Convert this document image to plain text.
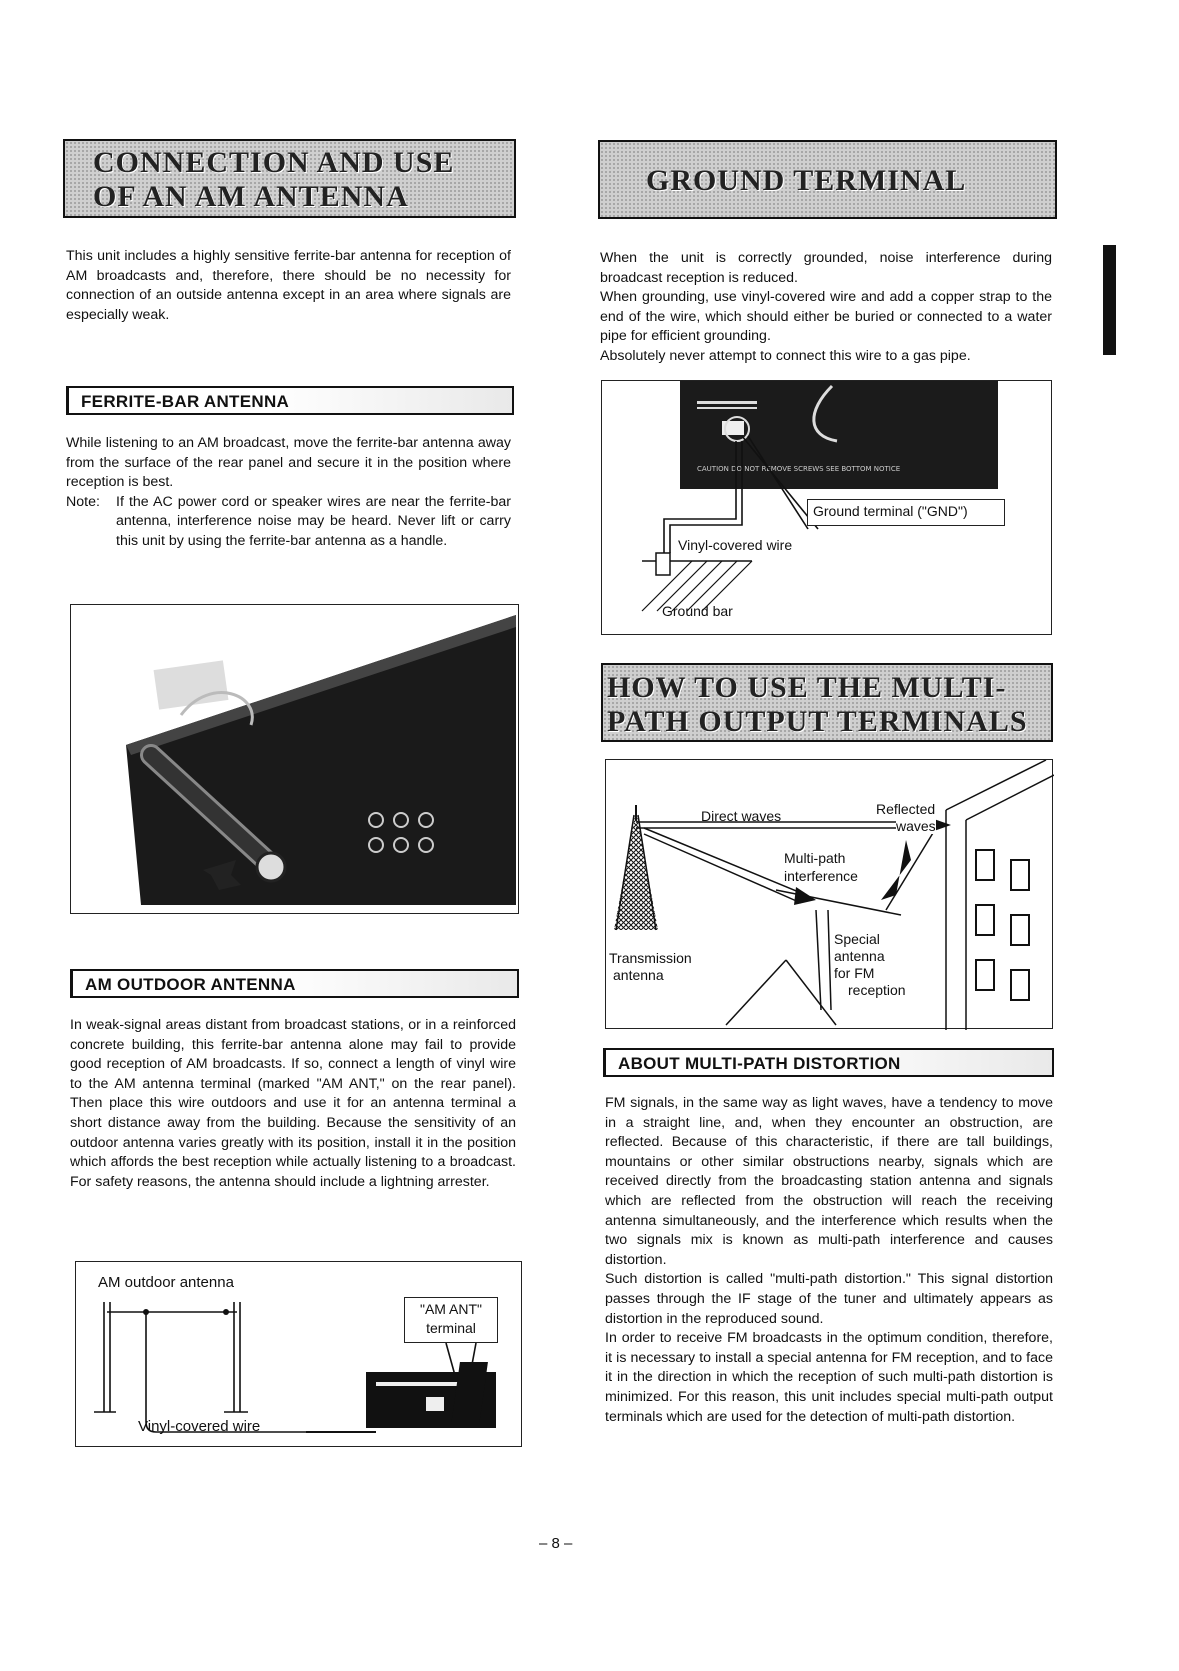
CONNECTION AND USE
OF AN AM ANTENNA
This unit includes a highly sensitive ferrite-bar antenna for reception of AM broadcasts and, therefore, there should be no necessity for connection of an outside antenna except in an area where signals are especially weak.
FERRITE-BAR ANTENNA

While listening to an AM broadcast, move the ferrite-bar antenna away from the surface of the rear panel and secure it in the position where reception is best.

Note:	If the AC power cord or speaker wires are near the ferrite-bar antenna, interference noise may be heard. Never lift or carry this unit by using the ferrite-bar antenna as a handle.
AM OUTDOOR ANTENNA
In weak-signal areas distant from broadcast stations, or in a reinforced concrete building, this ferrite-bar antenna alone may fail to provide good reception of AM broadcasts. If so, connect a length of vinyl wire to the AM antenna terminal (marked "AM ANT," on the rear panel). Then place this wire outdoors and use it for an antenna terminal a short distance away from the building. Because the sensitivity of an outdoor antenna varies greatly with its position, install it in the position which affords the best reception while actually listening to a broadcast. For safety reasons, the antenna should include a lightning arrester.
AM outdoor antenna
"AM ANT"
terminal
Vinyl-covered wire
GROUND TERMINAL

When the unit is correctly grounded, noise interference during broadcast reception is reduced.

When grounding, use vinyl-covered wire and add a copper strap to the end of the wire, which should either be buried or connected to a water pipe for efficient grounding.

Absolutely never attempt to connect this wire to a gas pipe.

CAUTION DO NOT REMOVE SCREWS SEE BOTTOM NOTICE
Ground terminal ("GND")
Vinyl-covered wire
Ground bar
HOW TO USE THE MULTI-
PATH OUTPUT TERMINALS
Direct waves	Reflected
waves
Multi-path
interference
Special
antenna
for FM
reception
Transmission
antenna
ABOUT MULTI-PATH DISTORTION

FM signals, in the same way as light waves, have a tendency to move in a straight line, and, when they encounter an obstruction, are reflected. Because of this characteristic, if there are tall buildings, mountains or other similar obstructions nearby, signals which are received directly from the broadcasting station antenna and signals which are reflected from the obstruction will reach the receiving antenna simultaneously, and the interference which results when the two signals mix is known as multi-path interference and causes distortion.

Such distortion is called "multi-path distortion." This signal distortion passes through the IF stage of the tuner and ultimately appears as distortion in the reproduced sound.

In order to receive FM broadcasts in the optimum condition, therefore, it is necessary to install a special antenna for FM reception, and to face it in the direction in which the reception of such multi-path distortion is minimized. For this reason, this unit includes special multi-path output terminals which are used for the detection of multi-path distortion.

– 8 –
